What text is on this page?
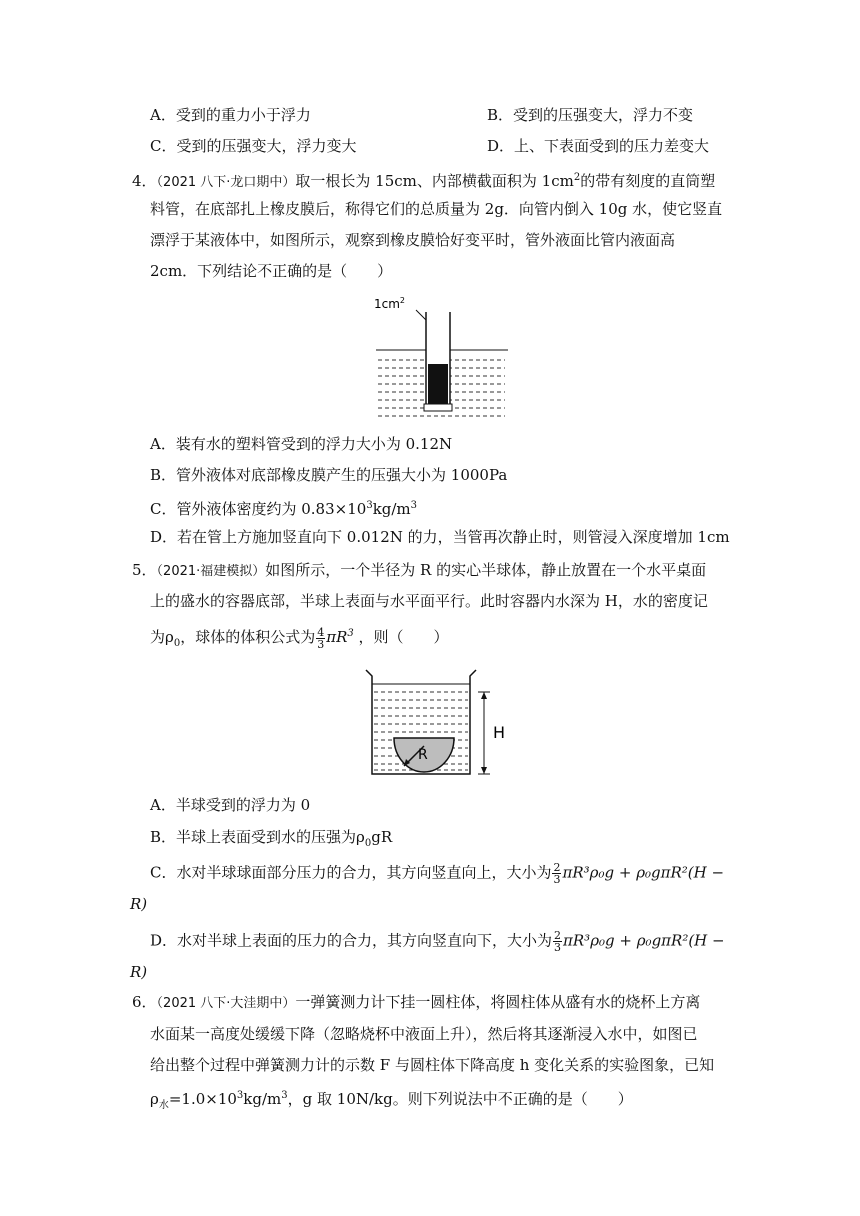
A．受到的重力小于浮力	B．受到的压强变大，浮力不变
C．受到的压强变大，浮力变大	D．上、下表面受到的压力差变大
4．（2021 八下·龙口期中）取一根长为 15cm、内部横截面积为 $1cm^2$的带有刻度的直筒塑
料管，在底部扎上橡皮膜后，称得它们的总质量为 2g．向管内倒入 10g 水，使它竖直
漂浮于某液体中，如图所示，观察到橡皮膜恰好变平时，管外液面比管内液面高
2cm．下列结论不正确的是（　　）
$1cm^2$
A．装有水的塑料管受到的浮力大小为 0.12N
B．管外液体对底部橡皮膜产生的压强大小为 1000Pa
C．管外液体密度约为 $0.83\times 10^3kg/m^3$
D．若在管上方施加竖直向下 0.012N 的力，当管再次静止时，则管浸入深度增加 1cm
5．（2021·福建模拟）如图所示，一个半径为 R 的实心半球体，静止放置在一个水平桌面
上的盛水的容器底部，半球上表面与水平面平行。此时容器内水深为 H，水的密度记
为$\rho_0$，球体的体积公式为 $\frac{4}{3} \pi R^3$ ，则（　　）
R
H
A．半球受到的浮力为 0
B．半球上表面受到水的压强为$\rho_0gR$
C．水对半球球面部分压力的合力，其方向竖直向上，大小为 $\frac{2}{3} \pi R^3\rho_0g + \rho_0g\pi R^2(H$ −
R)
D．水对半球上表面的压力的合力，其方向竖直向下，大小为 $\frac{2}{3} \pi R^3\rho_0g + \rho_0g\pi R^2(H$ −
R)
6．（2021 八下·大洼期中）一弹簧测力计下挂一圆柱体，将圆柱体从盛有水的烧杯上方离
水面某一高度处缓缓下降（忽略烧杯中液面上升），然后将其逐渐浸入水中，如图已
给出整个过程中弹簧测力计的示数 F 与圆柱体下降高度 h 变化关系的实验图象，已知
$\rho_水=1.0\times 10^3kg/m^3$，g 取 10N/kg。则下列说法中不正确的是（　　）
